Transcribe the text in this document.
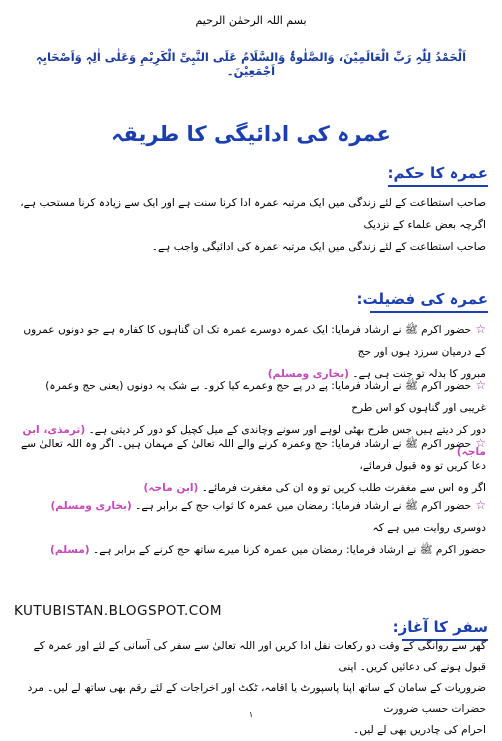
بسم اللہ الرحمٰن الرحیم
اَلْحَمْدُ لِلّٰہِ رَبِّ الْعَالَمِیْنَ، وَالصَّلٰوۃُ وَالسَّلَامُ عَلَی النَّبِیِّ الْکَرِیْمِ وَعَلٰی اٰلِہٖ وَاَصْحَابِہٖ اَجْمَعِیْنَ۔
عمرہ کی ادائیگی کا طریقہ
عمرہ کا حکم:
صاحب استطاعت کے لئے زندگی میں ایک مرتبہ عمرہ ادا کرنا سنت ہے اور ایک سے زیادہ کرنا مستحب ہے، اگرچہ بعض علماء کے نزدیک
صاحب استطاعت کے لئے زندگی میں ایک مرتبہ عمرہ کی ادائیگی واجب ہے۔
عمرہ کی فضیلت:
☆حضور اکرم ﷺ نے ارشاد فرمایا: ایک عمرہ دوسرے عمرہ تک ان گناہوں کا کفارہ ہے جو دونوں عمروں کے درمیان سرزد ہوں اور حج
مبرور کا بدلہ تو جنت ہی ہے۔ (بخاری ومسلم)
☆حضور اکرم ﷺ نے ارشاد فرمایا: پے در پے حج وعمرے کیا کرو۔ بے شک یہ دونوں (یعنی حج وعمرہ) غریبی اور گناہوں کو اس طرح
دور کر دیتے ہیں جس طرح بھٹی لوہے اور سونے وچاندی کے میل کچیل کو دور کر دیتی ہے۔ (ترمذی، ابن ماجہ)
☆حضور اکرم ﷺ نے ارشاد فرمایا: حج وعمرہ کرنے والے اللہ تعالیٰ کے مہمان ہیں۔ اگر وہ اللہ تعالیٰ سے دعا کریں تو وہ قبول فرمائے،
اگر وہ اس سے مغفرت طلب کریں تو وہ ان کی مغفرت فرمائے۔ (ابن ماجہ)
☆حضور اکرم ﷺ نے ارشاد فرمایا: رمضان میں عمرہ کا ثواب حج کے برابر ہے۔ (بخاری ومسلم) دوسری روایت میں ہے کہ
حضور اکرم ﷺ نے ارشاد فرمایا: رمضان میں عمرہ کرنا میرے ساتھ حج کرنے کے برابر ہے۔ (مسلم)
KUTUBISTAN.BLOGSPOT.COM
سفر کا آغاز:
گھر سے روانگی کے وقت دو رکعات نفل ادا کریں اور اللہ تعالیٰ سے سفر کی آسانی کے لئے اور عمرہ کے قبول ہونے کی دعائیں کریں۔ اپنی
ضروریات کے سامان کے ساتھ اپنا پاسپورٹ یا اقامہ، ٹکٹ اور اخراجات کے لئے رقم بھی ساتھ لے لیں۔ مرد حضرات حسب ضرورت
احرام کی چادریں بھی لے لیں۔
۱
